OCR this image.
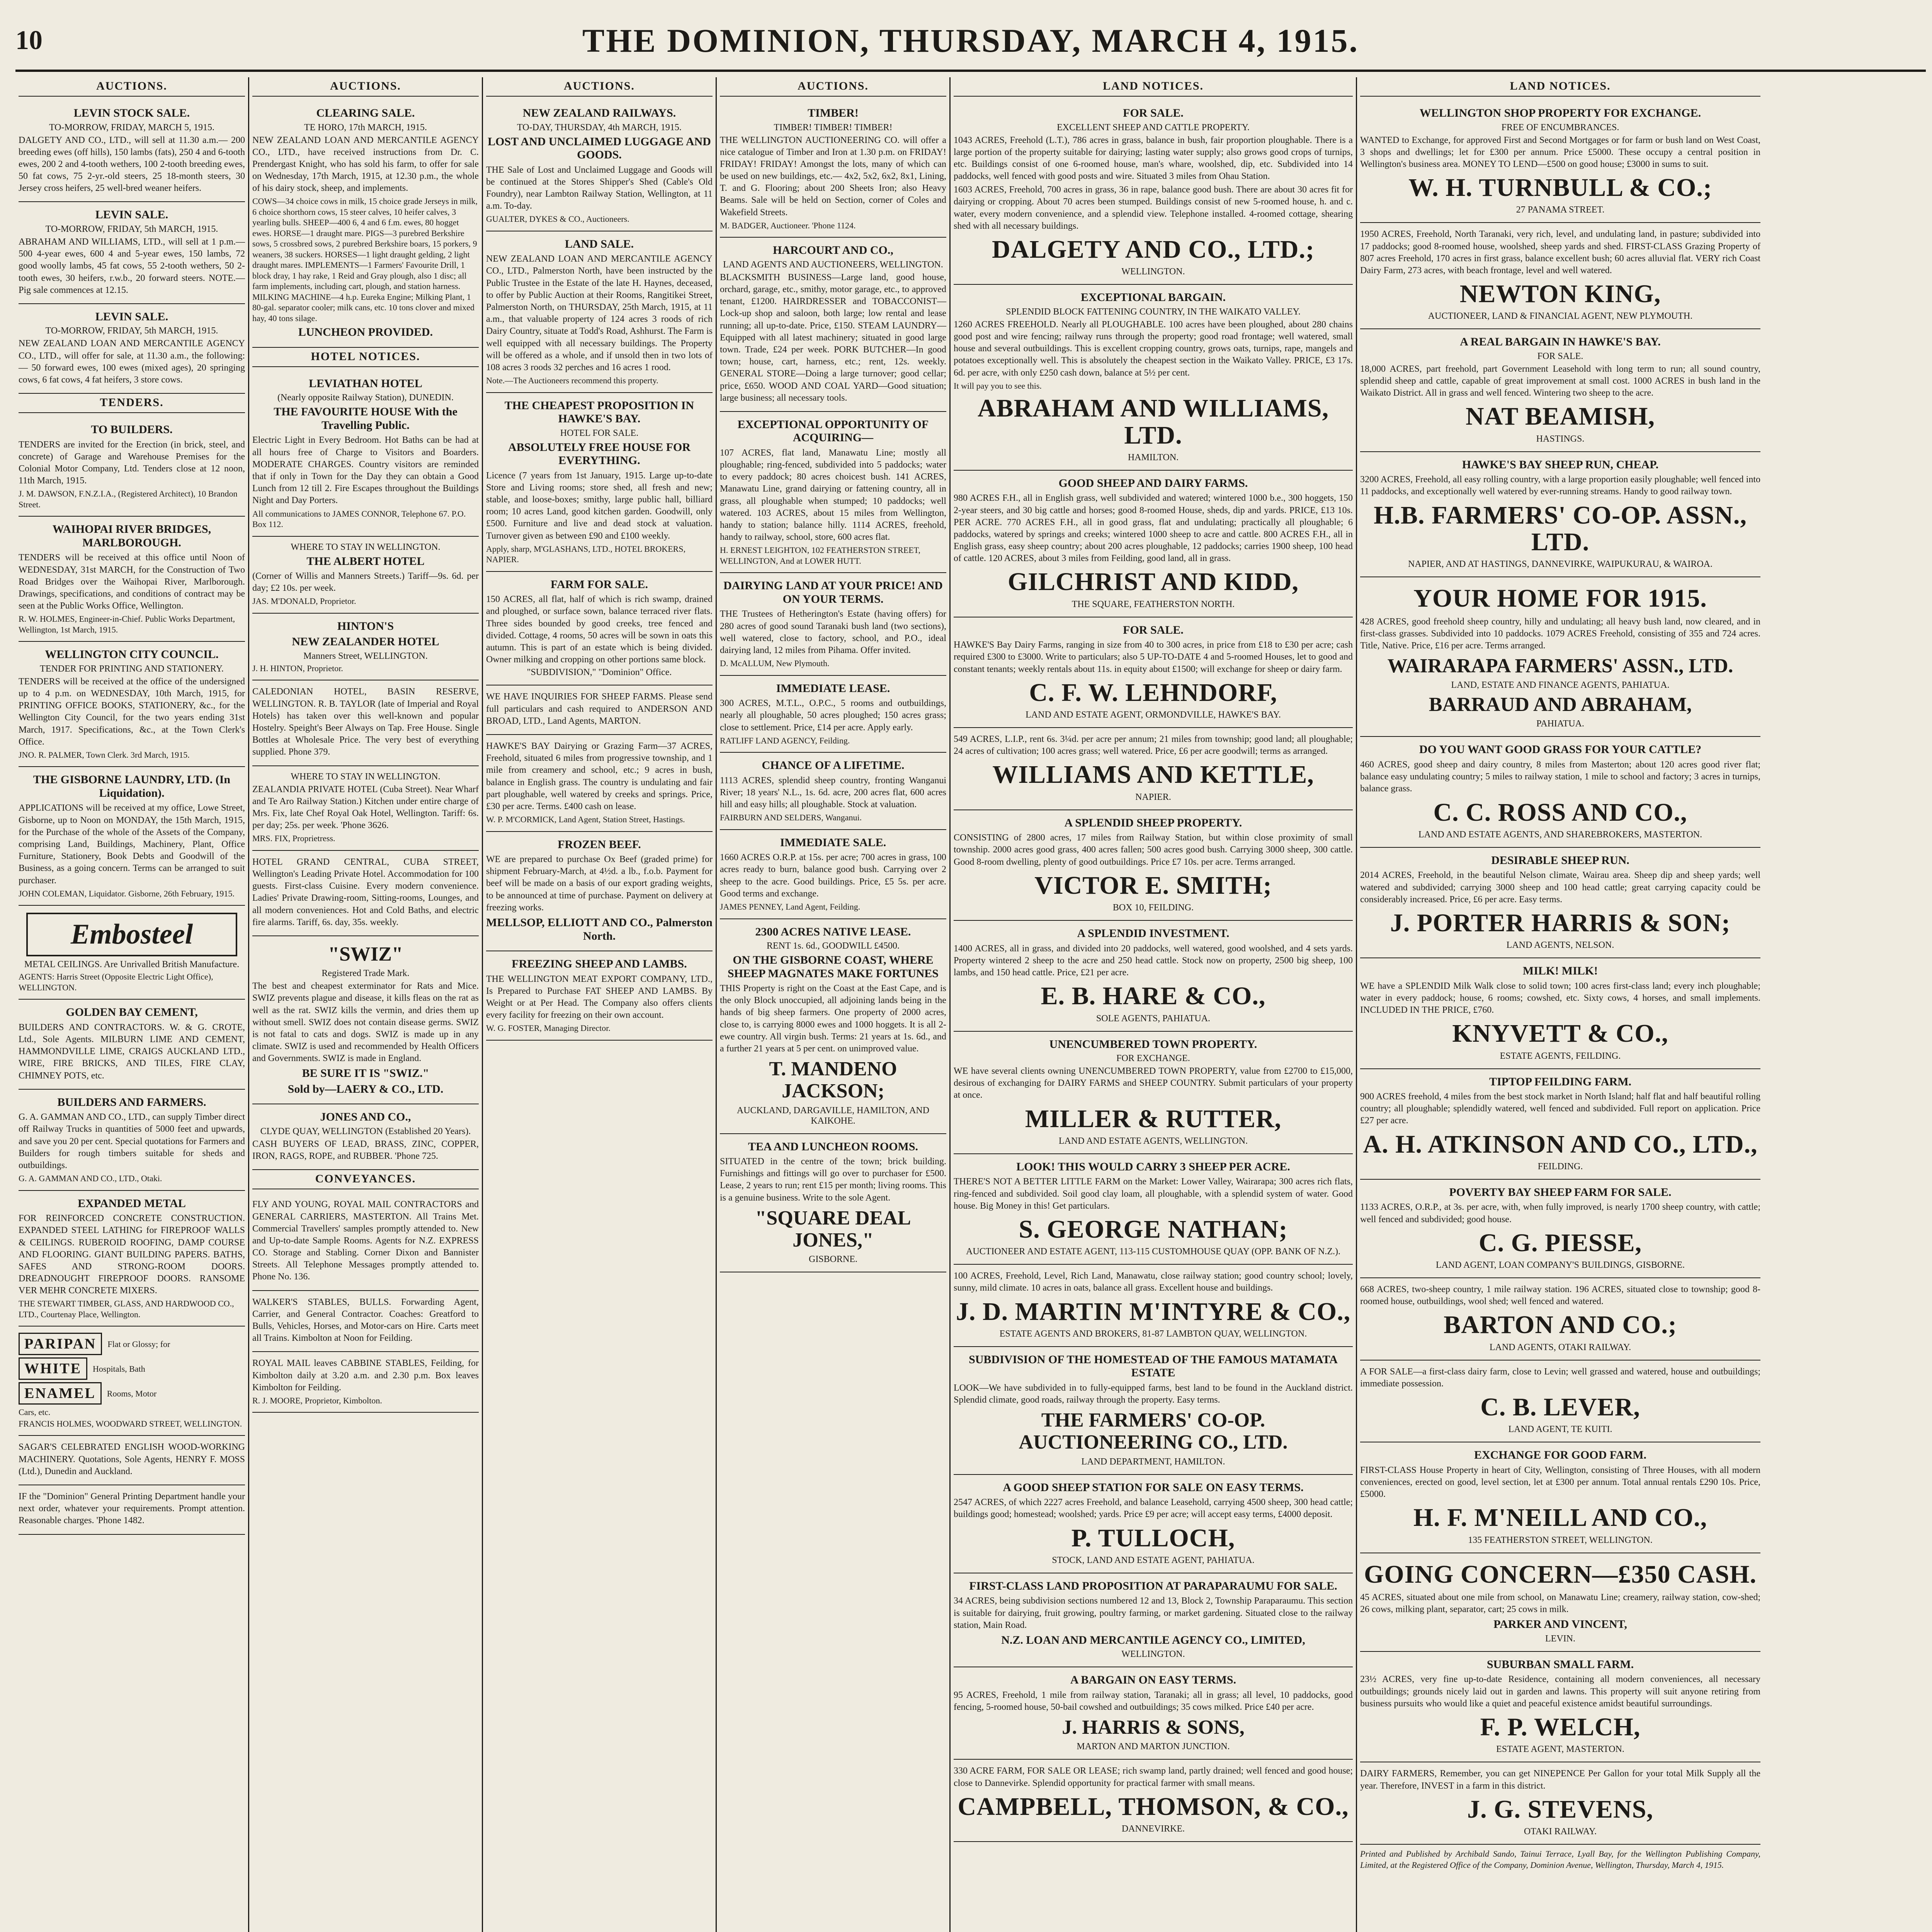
10	THE DOMINION, THURSDAY, MARCH 4, 1915.
AUCTIONS.
LEVIN STOCK SALE.
TO-MORROW, FRIDAY, MARCH 5, 1915.
DALGETY AND CO., LTD., will sell at 11.30 a.m.— 200 breeding ewes (off hills), 150 lambs (fats), 250 4 and 6-tooth ewes, 200 2 and 4-tooth wethers, 100 2-tooth breeding ewes, 50 fat cows, 75 2-yr.-old steers, 25 18-month steers, 30 Jersey cross heifers, 25 well-bred weaner heifers.
LEVIN SALE.
TO-MORROW, FRIDAY, 5th MARCH, 1915.
ABRAHAM AND WILLIAMS, LTD., will sell at 1 p.m.— 500 4-year ewes, 600 4 and 5-year ewes, 150 lambs, 72 good woolly lambs, 45 fat cows, 55 2-tooth wethers, 50 2-tooth ewes, 30 heifers, r.w.b., 20 forward steers. NOTE.—Pig sale commences at 12.15.
LEVIN SALE.
TO-MORROW, FRIDAY, 5th MARCH, 1915.
NEW ZEALAND LOAN AND MERCANTILE AGENCY CO., LTD., will offer for sale, at 11.30 a.m., the following:— 50 forward ewes, 100 ewes (mixed ages), 20 springing cows, 6 fat cows, 4 fat heifers, 3 store cows.
TENDERS.
TO BUILDERS.
TENDERS are invited for the Erection (in brick, steel, and concrete) of Garage and Warehouse Premises for the Colonial Motor Company, Ltd. Tenders close at 12 noon, 11th March, 1915.
J. M. DAWSON, F.N.Z.I.A., (Registered Architect), 10 Brandon Street.
WAIHOPAI RIVER BRIDGES, MARLBOROUGH.
TENDERS will be received at this office until Noon of WEDNESDAY, 31st MARCH, for the Construction of Two Road Bridges over the Waihopai River, Marlborough. Drawings, specifications, and conditions of contract may be seen at the Public Works Office, Wellington.
R. W. HOLMES, Engineer-in-Chief. Public Works Department, Wellington, 1st March, 1915.
WELLINGTON CITY COUNCIL.
TENDER FOR PRINTING AND STATIONERY.
TENDERS will be received at the office of the undersigned up to 4 p.m. on WEDNESDAY, 10th March, 1915, for PRINTING OFFICE BOOKS, STATIONERY, &c., for the Wellington City Council, for the two years ending 31st March, 1917. Specifications, &c., at the Town Clerk's Office.
JNO. R. PALMER, Town Clerk. 3rd March, 1915.
THE GISBORNE LAUNDRY, LTD. (In Liquidation).
APPLICATIONS will be received at my office, Lowe Street, Gisborne, up to Noon on MONDAY, the 15th March, 1915, for the Purchase of the whole of the Assets of the Company, comprising Land, Buildings, Machinery, Plant, Office Furniture, Stationery, Book Debts and Goodwill of the Business, as a going concern. Terms can be arranged to suit purchaser.
JOHN COLEMAN, Liquidator. Gisborne, 26th February, 1915.
Embosteel
METAL CEILINGS. Are Unrivalled British Manufacture.
AGENTS: Harris Street (Opposite Electric Light Office), WELLINGTON.
GOLDEN BAY CEMENT,
BUILDERS AND CONTRACTORS. W. & G. CROTE, Ltd., Sole Agents. MILBURN LIME AND CEMENT, HAMMONDVILLE LIME, CRAIGS AUCKLAND LTD., WIRE, FIRE BRICKS, AND TILES, FIRE CLAY, CHIMNEY POTS, etc.
BUILDERS AND FARMERS.
G. A. GAMMAN AND CO., LTD., can supply Timber direct off Railway Trucks in quantities of 5000 feet and upwards, and save you 20 per cent. Special quotations for Farmers and Builders for rough timbers suitable for sheds and outbuildings.
G. A. GAMMAN AND CO., LTD., Otaki.
EXPANDED METAL
FOR REINFORCED CONCRETE CONSTRUCTION. EXPANDED STEEL LATHING for FIREPROOF WALLS & CEILINGS. RUBEROID ROOFING, DAMP COURSE AND FLOORING. GIANT BUILDING PAPERS. BATHS, SAFES AND STRONG-ROOM DOORS. DREADNOUGHT FIREPROOF DOORS. RANSOME VER MEHR CONCRETE MIXERS.
THE STEWART TIMBER, GLASS, AND HARDWOOD CO., LTD., Courtenay Place, Wellington.
PARIPAN	Flat or Glossy; for
WHITE	Hospitals, Bath
ENAMEL	Rooms, Motor
Cars, etc.
FRANCIS HOLMES, WOODWARD STREET, WELLINGTON.
SAGAR'S CELEBRATED ENGLISH WOOD-WORKING MACHINERY. Quotations, Sole Agents, HENRY F. MOSS (Ltd.), Dunedin and Auckland.
IF the "Dominion" General Printing Department handle your next order, whatever your requirements. Prompt attention. Reasonable charges. 'Phone 1482.
AUCTIONS.
CLEARING SALE.
TE HORO, 17th MARCH, 1915.
NEW ZEALAND LOAN AND MERCANTILE AGENCY CO., LTD., have received instructions from Dr. C. Prendergast Knight, who has sold his farm, to offer for sale on Wednesday, 17th March, 1915, at 12.30 p.m., the whole of his dairy stock, sheep, and implements.
COWS—34 choice cows in milk, 15 choice grade Jerseys in milk, 6 choice shorthorn cows, 15 steer calves, 10 heifer calves, 3 yearling bulls. SHEEP—400 6, 4 and 6 f.m. ewes, 80 hogget ewes. HORSE—1 draught mare. PIGS—3 purebred Berkshire sows, 5 crossbred sows, 2 purebred Berkshire boars, 15 porkers, 9 weaners, 38 suckers. HORSES—1 light draught gelding, 2 light draught mares. IMPLEMENTS—1 Farmers' Favourite Drill, 1 block dray, 1 hay rake, 1 Reid and Gray plough, also 1 disc; all farm implements, including cart, plough, and station harness. MILKING MACHINE—4 h.p. Eureka Engine; Milking Plant, 1 80-gal. separator cooler; milk cans, etc. 10 tons clover and mixed hay, 40 tons silage.
LUNCHEON PROVIDED.
HOTEL NOTICES.
LEVIATHAN HOTEL
(Nearly opposite Railway Station), DUNEDIN.
THE FAVOURITE HOUSE With the Travelling Public.
Electric Light in Every Bedroom. Hot Baths can be had at all hours free of Charge to Visitors and Boarders. MODERATE CHARGES. Country visitors are reminded that if only in Town for the Day they can obtain a Good Lunch from 12 till 2. Fire Escapes throughout the Buildings Night and Day Porters.
All communications to JAMES CONNOR, Telephone 67. P.O. Box 112.
WHERE TO STAY IN WELLINGTON.
THE ALBERT HOTEL
(Corner of Willis and Manners Streets.) Tariff—9s. 6d. per day; £2 10s. per week.
JAS. M'DONALD, Proprietor.
HINTON'S
NEW ZEALANDER HOTEL
Manners Street, WELLINGTON.
J. H. HINTON, Proprietor.
CALEDONIAN HOTEL, BASIN RESERVE, WELLINGTON. R. B. TAYLOR (late of Imperial and Royal Hotels) has taken over this well-known and popular Hostelry. Speight's Beer Always on Tap. Free House. Single Bottles at Wholesale Price. The very best of everything supplied. Phone 379.
WHERE TO STAY IN WELLINGTON.
ZEALANDIA PRIVATE HOTEL (Cuba Street). Near Wharf and Te Aro Railway Station.) Kitchen under entire charge of Mrs. Fix, late Chef Royal Oak Hotel, Wellington. Tariff: 6s. per day; 25s. per week. 'Phone 3626.
MRS. FIX, Proprietress.
HOTEL GRAND CENTRAL, CUBA STREET, Wellington's Leading Private Hotel. Accommodation for 100 guests. First-class Cuisine. Every modern convenience. Ladies' Private Drawing-room, Sitting-rooms, Lounges, and all modern conveniences. Hot and Cold Baths, and electric fire alarms. Tariff, 6s. day, 35s. weekly.
"SWIZ"
Registered Trade Mark.
The best and cheapest exterminator for Rats and Mice. SWIZ prevents plague and disease, it kills fleas on the rat as well as the rat. SWIZ kills the vermin, and dries them up without smell. SWIZ does not contain disease germs. SWIZ is not fatal to cats and dogs. SWIZ is made up in any climate. SWIZ is used and recommended by Health Officers and Governments. SWIZ is made in England.
BE SURE IT IS "SWIZ."
Sold by—LAERY & CO., LTD.
JONES AND CO.,
CLYDE QUAY, WELLINGTON (Established 20 Years).
CASH BUYERS OF LEAD, BRASS, ZINC, COPPER, IRON, RAGS, ROPE, and RUBBER. 'Phone 725.
CONVEYANCES.
FLY AND YOUNG, ROYAL MAIL CONTRACTORS and GENERAL CARRIERS, MASTERTON. All Trains Met. Commercial Travellers' samples promptly attended to. New and Up-to-date Sample Rooms. Agents for N.Z. EXPRESS CO. Storage and Stabling. Corner Dixon and Bannister Streets. All Telephone Messages promptly attended to. Phone No. 136.
WALKER'S STABLES, BULLS. Forwarding Agent, Carrier, and General Contractor. Coaches: Greatford to Bulls, Vehicles, Horses, and Motor-cars on Hire. Carts meet all Trains. Kimbolton at Noon for Feilding.
ROYAL MAIL leaves CABBINE STABLES, Feilding, for Kimbolton daily at 3.20 a.m. and 2.30 p.m. Box leaves Kimbolton for Feilding.
R. J. MOORE, Proprietor, Kimbolton.
AUCTIONS.
NEW ZEALAND RAILWAYS.
TO-DAY, THURSDAY, 4th MARCH, 1915.
LOST AND UNCLAIMED LUGGAGE AND GOODS.
THE Sale of Lost and Unclaimed Luggage and Goods will be continued at the Stores Shipper's Shed (Cable's Old Foundry), near Lambton Railway Station, Wellington, at 11 a.m. To-day.
GUALTER, DYKES & CO., Auctioneers.
LAND SALE.
NEW ZEALAND LOAN AND MERCANTILE AGENCY CO., LTD., Palmerston North, have been instructed by the Public Trustee in the Estate of the late H. Haynes, deceased, to offer by Public Auction at their Rooms, Rangitikei Street, Palmerston North, on THURSDAY, 25th March, 1915, at 11 a.m., that valuable property of 124 acres 3 roods of rich Dairy Country, situate at Todd's Road, Ashhurst. The Farm is well equipped with all necessary buildings. The Property will be offered as a whole, and if unsold then in two lots of 108 acres 3 roods 32 perches and 16 acres 1 rood.
Note.—The Auctioneers recommend this property.
THE CHEAPEST PROPOSITION IN HAWKE'S BAY.
HOTEL FOR SALE.
ABSOLUTELY FREE HOUSE FOR EVERYTHING.
Licence (7 years from 1st January, 1915. Large up-to-date Store and Living rooms; store shed, all fresh and new; stable, and loose-boxes; smithy, large public hall, billiard room; 10 acres Land, good kitchen garden. Goodwill, only £500. Furniture and live and dead stock at valuation. Turnover given as between £90 and £100 weekly.
Apply, sharp, M'GLASHANS, LTD., HOTEL BROKERS, NAPIER.
FARM FOR SALE.
150 ACRES, all flat, half of which is rich swamp, drained and ploughed, or surface sown, balance terraced river flats. Three sides bounded by good creeks, tree fenced and divided. Cottage, 4 rooms, 50 acres will be sown in oats this autumn. This is part of an estate which is being divided. Owner milking and cropping on other portions same block.
"SUBDIVISION," "Dominion" Office.
WE HAVE INQUIRIES FOR SHEEP FARMS. Please send full particulars and cash required to ANDERSON AND BROAD, LTD., Land Agents, MARTON.
HAWKE'S BAY Dairying or Grazing Farm—37 ACRES, Freehold, situated 6 miles from progressive township, and 1 mile from creamery and school, etc.; 9 acres in bush, balance in English grass. The country is undulating and fair part ploughable, well watered by creeks and springs. Price, £30 per acre. Terms. £400 cash on lease.
W. P. M'CORMICK, Land Agent, Station Street, Hastings.
FROZEN BEEF.
WE are prepared to purchase Ox Beef (graded prime) for shipment February-March, at 4½d. a lb., f.o.b. Payment for beef will be made on a basis of our export grading weights, to be announced at time of purchase. Payment on delivery at freezing works.
MELLSOP, ELLIOTT AND CO., Palmerston North.
FREEZING SHEEP AND LAMBS.
THE WELLINGTON MEAT EXPORT COMPANY, LTD., Is Prepared to Purchase FAT SHEEP AND LAMBS. By Weight or at Per Head. The Company also offers clients every facility for freezing on their own account.
W. G. FOSTER, Managing Director.
AUCTIONS.
TIMBER!
TIMBER! TIMBER! TIMBER!
THE WELLINGTON AUCTIONEERING CO. will offer a nice catalogue of Timber and Iron at 1.30 p.m. on FRIDAY! FRIDAY! FRIDAY! Amongst the lots, many of which can be used on new buildings, etc.— 4x2, 5x2, 6x2, 8x1, Lining, T. and G. Flooring; about 200 Sheets Iron; also Heavy Beams. Sale will be held on Section, corner of Coles and Wakefield Streets.
M. BADGER, Auctioneer. 'Phone 1124.
HARCOURT AND CO.,
LAND AGENTS AND AUCTIONEERS, WELLINGTON.
BLACKSMITH BUSINESS—Large land, good house, orchard, garage, etc., smithy, motor garage, etc., to approved tenant, £1200. HAIRDRESSER and TOBACCONIST—Lock-up shop and saloon, both large; low rental and lease running; all up-to-date. Price, £150. STEAM LAUNDRY—Equipped with all latest machinery; situated in good large town. Trade, £24 per week. PORK BUTCHER—In good town; house, cart, harness, etc.; rent, 12s. weekly. GENERAL STORE—Doing a large turnover; good cellar; price, £650. WOOD AND COAL YARD—Good situation; large business; all necessary tools.
EXCEPTIONAL OPPORTUNITY OF ACQUIRING—
107 ACRES, flat land, Manawatu Line; mostly all ploughable; ring-fenced, subdivided into 5 paddocks; water to every paddock; 80 acres choicest bush. 141 ACRES, Manawatu Line, grand dairying or fattening country, all in grass, all ploughable when stumped; 10 paddocks; well watered. 103 ACRES, about 15 miles from Wellington, handy to station; balance hilly. 1114 ACRES, freehold, handy to railway, school, store, 600 acres flat.
H. ERNEST LEIGHTON, 102 FEATHERSTON STREET, WELLINGTON, And at LOWER HUTT.
DAIRYING LAND AT YOUR PRICE! AND ON YOUR TERMS.
THE Trustees of Hetherington's Estate (having offers) for 280 acres of good sound Taranaki bush land (two sections), well watered, close to factory, school, and P.O., ideal dairying land, 12 miles from Pihama. Offer invited.
D. McALLUM, New Plymouth.
IMMEDIATE LEASE.
300 ACRES, M.T.L., O.P.C., 5 rooms and outbuildings, nearly all ploughable, 50 acres ploughed; 150 acres grass; close to settlement. Price, £14 per acre. Apply early.
RATLIFF LAND AGENCY, Feilding.
CHANCE OF A LIFETIME.
1113 ACRES, splendid sheep country, fronting Wanganui River; 18 years' N.L., 1s. 6d. acre, 200 acres flat, 600 acres hill and easy hills; all ploughable. Stock at valuation.
FAIRBURN AND SELDERS, Wanganui.
IMMEDIATE SALE.
1660 ACRES O.R.P. at 15s. per acre; 700 acres in grass, 100 acres ready to burn, balance good bush. Carrying over 2 sheep to the acre. Good buildings. Price, £5 5s. per acre. Good terms and exchange.
JAMES PENNEY, Land Agent, Feilding.
2300 ACRES NATIVE LEASE.
RENT 1s. 6d., GOODWILL £4500.
ON THE GISBORNE COAST, WHERE SHEEP MAGNATES MAKE FORTUNES
THIS Property is right on the Coast at the East Cape, and is the only Block unoccupied, all adjoining lands being in the hands of big sheep farmers. One property of 2000 acres, close to, is carrying 8000 ewes and 1000 hoggets. It is all 2-ewe country. All virgin bush. Terms: 21 years at 1s. 6d., and a further 21 years at 5 per cent. on unimproved value.
T. MANDENO JACKSON;
AUCKLAND, DARGAVILLE, HAMILTON, AND KAIKOHE.
TEA AND LUNCHEON ROOMS.
SITUATED in the centre of the town; brick building. Furnishings and fittings will go over to purchaser for £500. Lease, 2 years to run; rent £15 per month; living rooms. This is a genuine business. Write to the sole Agent.
"SQUARE DEAL JONES,"
GISBORNE.
LAND NOTICES.
FOR SALE.
EXCELLENT SHEEP AND CATTLE PROPERTY.
1043 ACRES, Freehold (L.T.), 786 acres in grass, balance in bush, fair proportion ploughable. There is a large portion of the property suitable for dairying; lasting water supply; also grows good crops of turnips, etc. Buildings consist of one 6-roomed house, man's whare, woolshed, dip, etc. Subdivided into 14 paddocks, well fenced with good posts and wire. Situated 3 miles from Ohau Station.
1603 ACRES, Freehold, 700 acres in grass, 36 in rape, balance good bush. There are about 30 acres fit for dairying or cropping. About 70 acres been stumped. Buildings consist of new 5-roomed house, h. and c. water, every modern convenience, and a splendid view. Telephone installed. 4-roomed cottage, shearing shed with all necessary buildings.
DALGETY AND CO., LTD.;
WELLINGTON.
EXCEPTIONAL BARGAIN.
SPLENDID BLOCK FATTENING COUNTRY, IN THE WAIKATO VALLEY.
1260 ACRES FREEHOLD. Nearly all PLOUGHABLE. 100 acres have been ploughed, about 280 chains good post and wire fencing; railway runs through the property; good road frontage; well watered, small house and several outbuildings. This is excellent cropping country, grows oats, turnips, rape, mangels and potatoes exceptionally well. This is absolutely the cheapest section in the Waikato Valley. PRICE, £3 17s. 6d. per acre, with only £250 cash down, balance at 5½ per cent.
It will pay you to see this.
ABRAHAM AND WILLIAMS, LTD.
HAMILTON.
GOOD SHEEP AND DAIRY FARMS.
980 ACRES F.H., all in English grass, well subdivided and watered; wintered 1000 b.e., 300 hoggets, 150 2-year steers, and 30 big cattle and horses; good 8-roomed House, sheds, dip and yards. PRICE, £13 10s. PER ACRE. 770 ACRES F.H., all in good grass, flat and undulating; practically all ploughable; 6 paddocks, watered by springs and creeks; wintered 1000 sheep to acre and cattle. 800 ACRES F.H., all in English grass, easy sheep country; about 200 acres ploughable, 12 paddocks; carries 1900 sheep, 100 head of cattle. 120 ACRES, about 3 miles from Feilding, good land, all in grass.
GILCHRIST AND KIDD,
THE SQUARE, FEATHERSTON NORTH.
FOR SALE.
HAWKE'S Bay Dairy Farms, ranging in size from 40 to 300 acres, in price from £18 to £30 per acre; cash required £300 to £3000. Write to particulars; also 5 UP-TO-DATE 4 and 5-roomed Houses, let to good and constant tenants; weekly rentals about 11s. in equity about £1500; will exchange for sheep or dairy farm.
C. F. W. LEHNDORF,
LAND AND ESTATE AGENT, ORMONDVILLE, HAWKE'S BAY.
549 ACRES, L.I.P., rent 6s. 3¼d. per acre per annum; 21 miles from township; good land; all ploughable; 24 acres of cultivation; 100 acres grass; well watered. Price, £6 per acre goodwill; terms as arranged.
WILLIAMS AND KETTLE,
NAPIER.
A SPLENDID SHEEP PROPERTY.
CONSISTING of 2800 acres, 17 miles from Railway Station, but within close proximity of small township. 2000 acres good grass, 400 acres fallen; 500 acres good bush. Carrying 3000 sheep, 300 cattle. Good 8-room dwelling, plenty of good outbuildings. Price £7 10s. per acre. Terms arranged.
VICTOR E. SMITH;
BOX 10, FEILDING.
A SPLENDID INVESTMENT.
1400 ACRES, all in grass, and divided into 20 paddocks, well watered, good woolshed, and 4 sets yards. Property wintered 2 sheep to the acre and 250 head cattle. Stock now on property, 2500 big sheep, 100 lambs, and 150 head cattle. Price, £21 per acre.
E. B. HARE & CO.,
SOLE AGENTS, PAHIATUA.
UNENCUMBERED TOWN PROPERTY.
FOR EXCHANGE.
WE have several clients owning UNENCUMBERED TOWN PROPERTY, value from £2700 to £15,000, desirous of exchanging for DAIRY FARMS and SHEEP COUNTRY. Submit particulars of your property at once.
MILLER & RUTTER,
LAND AND ESTATE AGENTS, WELLINGTON.
LOOK! THIS WOULD CARRY 3 SHEEP PER ACRE.
THERE'S NOT A BETTER LITTLE FARM on the Market: Lower Valley, Wairarapa; 300 acres rich flats, ring-fenced and subdivided. Soil good clay loam, all ploughable, with a splendid system of water. Good house. Big Money in this! Get particulars.
S. GEORGE NATHAN;
AUCTIONEER AND ESTATE AGENT, 113-115 CUSTOMHOUSE QUAY (OPP. BANK OF N.Z.).
100 ACRES, Freehold, Level, Rich Land, Manawatu, close railway station; good country school; lovely, sunny, mild climate. 10 acres in oats, balance all grass. Excellent house and buildings.
J. D. MARTIN M'INTYRE & CO.,
ESTATE AGENTS AND BROKERS, 81-87 LAMBTON QUAY, WELLINGTON.
SUBDIVISION OF THE HOMESTEAD OF THE FAMOUS MATAMATA ESTATE
LOOK—We have subdivided in to fully-equipped farms, best land to be found in the Auckland district. Splendid climate, good roads, railway through the property. Easy terms.
THE FARMERS' CO-OP. AUCTIONEERING CO., LTD.
LAND DEPARTMENT, HAMILTON.
A GOOD SHEEP STATION FOR SALE ON EASY TERMS.
2547 ACRES, of which 2227 acres Freehold, and balance Leasehold, carrying 4500 sheep, 300 head cattle; buildings good; homestead; woolshed; yards. Price £9 per acre; will accept easy terms, £4000 deposit.
P. TULLOCH,
STOCK, LAND AND ESTATE AGENT, PAHIATUA.
FIRST-CLASS LAND PROPOSITION AT PARAPARAUMU FOR SALE.
34 ACRES, being subdivision sections numbered 12 and 13, Block 2, Township Paraparaumu. This section is suitable for dairying, fruit growing, poultry farming, or market gardening. Situated close to the railway station, Main Road.
N.Z. LOAN AND MERCANTILE AGENCY CO., LIMITED,
WELLINGTON.
A BARGAIN ON EASY TERMS.
95 ACRES, Freehold, 1 mile from railway station, Taranaki; all in grass; all level, 10 paddocks, good fencing, 5-roomed house, 50-bail cowshed and outbuildings; 35 cows milked. Price £40 per acre.
J. HARRIS & SONS,
MARTON AND MARTON JUNCTION.
330 ACRE FARM, FOR SALE OR LEASE; rich swamp land, partly drained; well fenced and good house; close to Dannevirke. Splendid opportunity for practical farmer with small means.
CAMPBELL, THOMSON, & CO.,
DANNEVIRKE.
LAND NOTICES.
WELLINGTON SHOP PROPERTY FOR EXCHANGE.
FREE OF ENCUMBRANCES.
WANTED to Exchange, for approved First and Second Mortgages or for farm or bush land on West Coast, 3 shops and dwellings; let for £300 per annum. Price £5000. These occupy a central position in Wellington's business area. MONEY TO LEND—£500 on good house; £3000 in sums to suit.
W. H. TURNBULL & CO.;
27 PANAMA STREET.
1950 ACRES, Freehold, North Taranaki, very rich, level, and undulating land, in pasture; subdivided into 17 paddocks; good 8-roomed house, woolshed, sheep yards and shed. FIRST-CLASS Grazing Property of 807 acres Freehold, 170 acres in first grass, balance excellent bush; 60 acres alluvial flat. VERY rich Coast Dairy Farm, 273 acres, with beach frontage, level and well watered.
NEWTON KING,
AUCTIONEER, LAND & FINANCIAL AGENT, NEW PLYMOUTH.
A REAL BARGAIN IN HAWKE'S BAY.
FOR SALE.
18,000 ACRES, part freehold, part Government Leasehold with long term to run; all sound country, splendid sheep and cattle, capable of great improvement at small cost. 1000 ACRES in bush land in the Waikato District. All in grass and well fenced. Wintering two sheep to the acre.
NAT BEAMISH,
HASTINGS.
HAWKE'S BAY SHEEP RUN, CHEAP.
3200 ACRES, Freehold, all easy rolling country, with a large proportion easily ploughable; well fenced into 11 paddocks, and exceptionally well watered by ever-running streams. Handy to good railway town.
H.B. FARMERS' CO-OP. ASSN., LTD.
NAPIER, AND AT HASTINGS, DANNEVIRKE, WAIPUKURAU, & WAIROA.
YOUR HOME FOR 1915.
428 ACRES, good freehold sheep country, hilly and undulating; all heavy bush land, now cleared, and in first-class grasses. Subdivided into 10 paddocks. 1079 ACRES Freehold, consisting of 355 and 724 acres. Title, Native. Price, £16 per acre. Terms arranged.
WAIRARAPA FARMERS' ASSN., LTD.
LAND, ESTATE AND FINANCE AGENTS, PAHIATUA.
BARRAUD AND ABRAHAM,
PAHIATUA.
DO YOU WANT GOOD GRASS FOR YOUR CATTLE?
460 ACRES, good sheep and dairy country, 8 miles from Masterton; about 120 acres good river flat; balance easy undulating country; 5 miles to railway station, 1 mile to school and factory; 3 acres in turnips, balance grass.
C. C. ROSS AND CO.,
LAND AND ESTATE AGENTS, AND SHAREBROKERS, MASTERTON.
DESIRABLE SHEEP RUN.
2014 ACRES, Freehold, in the beautiful Nelson climate, Wairau area. Sheep dip and sheep yards; well watered and subdivided; carrying 3000 sheep and 100 head cattle; great carrying capacity could be considerably increased. Price, £6 per acre. Easy terms.
J. PORTER HARRIS & SON;
LAND AGENTS, NELSON.
MILK! MILK!
WE have a SPLENDID Milk Walk close to solid town; 100 acres first-class land; every inch ploughable; water in every paddock; house, 6 rooms; cowshed, etc. Sixty cows, 4 horses, and small implements. INCLUDED IN THE PRICE, £760.
KNYVETT & CO.,
ESTATE AGENTS, FEILDING.
TIPTOP FEILDING FARM.
900 ACRES freehold, 4 miles from the best stock market in North Island; half flat and half beautiful rolling country; all ploughable; splendidly watered, well fenced and subdivided. Full report on application. Price £27 per acre.
A. H. ATKINSON AND CO., LTD.,
FEILDING.
POVERTY BAY SHEEP FARM FOR SALE.
1133 ACRES, O.R.P., at 3s. per acre, with, when fully improved, is nearly 1700 sheep country, with cattle; well fenced and subdivided; good house.
C. G. PIESSE,
LAND AGENT, LOAN COMPANY'S BUILDINGS, GISBORNE.
668 ACRES, two-sheep country, 1 mile railway station. 196 ACRES, situated close to township; good 8-roomed house, outbuildings, wool shed; well fenced and watered.
BARTON AND CO.;
LAND AGENTS, OTAKI RAILWAY.
A FOR SALE—a first-class dairy farm, close to Levin; well grassed and watered, house and outbuildings; immediate possession.
C. B. LEVER,
LAND AGENT, TE KUITI.
EXCHANGE FOR GOOD FARM.
FIRST-CLASS House Property in heart of City, Wellington, consisting of Three Houses, with all modern conveniences, erected on good, level section, let at £300 per annum. Total annual rentals £290 10s. Price, £5000.
H. F. M'NEILL AND CO.,
135 FEATHERSTON STREET, WELLINGTON.
GOING CONCERN—£350 CASH.
45 ACRES, situated about one mile from school, on Manawatu Line; creamery, railway station, cow-shed; 26 cows, milking plant, separator, cart; 25 cows in milk.
PARKER AND VINCENT,
LEVIN.
SUBURBAN SMALL FARM.
23½ ACRES, very fine up-to-date Residence, containing all modern conveniences, all necessary outbuildings; grounds nicely laid out in garden and lawns. This property will suit anyone retiring from business pursuits who would like a quiet and peaceful existence amidst beautiful surroundings.
F. P. WELCH,
ESTATE AGENT, MASTERTON.
DAIRY FARMERS, Remember, you can get NINEPENCE Per Gallon for your total Milk Supply all the year. Therefore, INVEST in a farm in this district.
J. G. STEVENS,
OTAKI RAILWAY.
Printed and Published by Archibald Sando, Tainui Terrace, Lyall Bay, for the Wellington Publishing Company, Limited, at the Registered Office of the Company, Dominion Avenue, Wellington, Thursday, March 4, 1915.
